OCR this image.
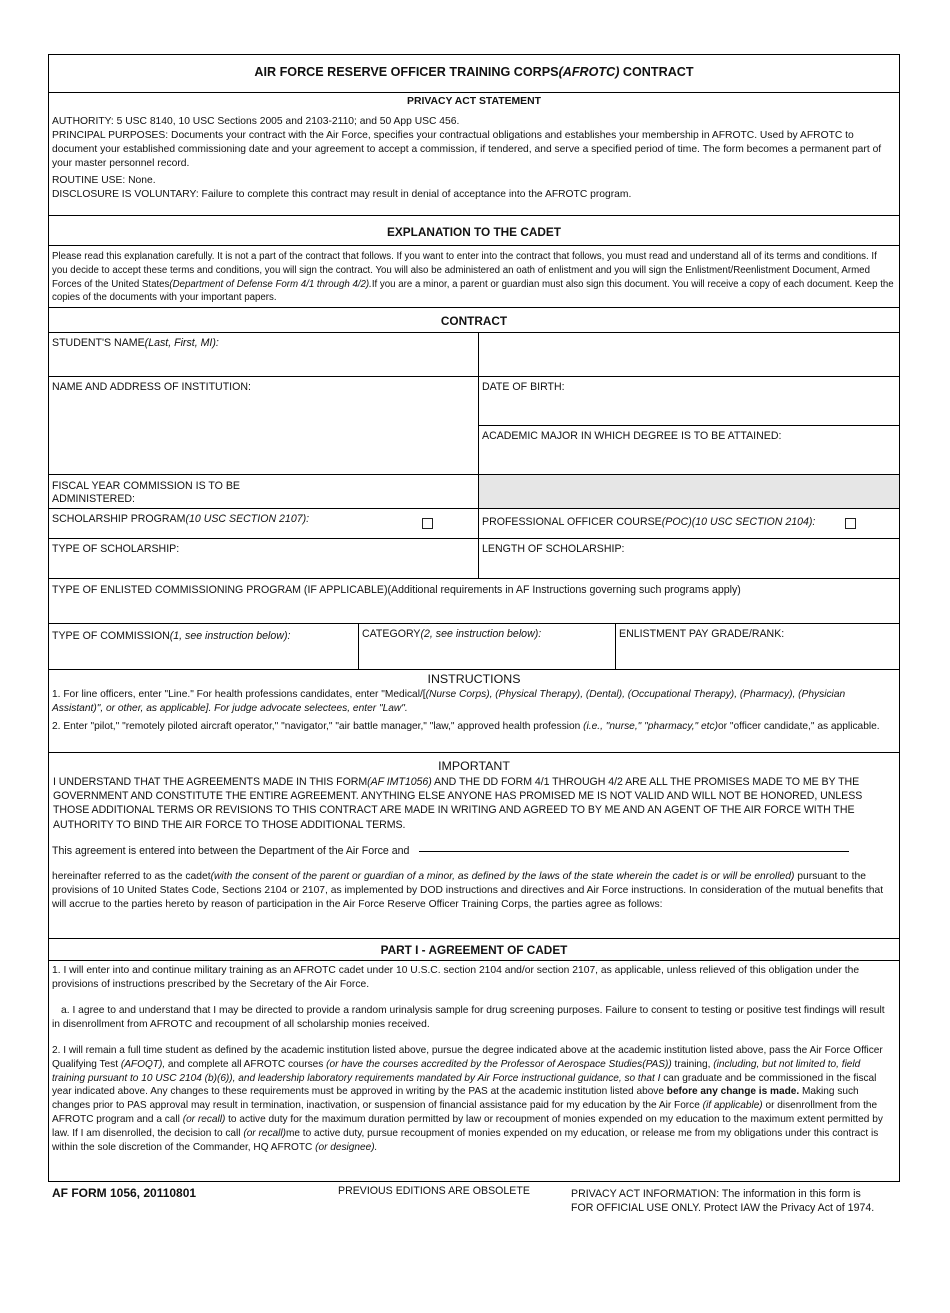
AIR FORCE RESERVE OFFICER TRAINING CORPS(AFROTC) CONTRACT
PRIVACY ACT STATEMENT

AUTHORITY: 5 USC 8140, 10 USC Sections 2005 and 2103-2110; and 50 App USC 456.

PRINCIPAL PURPOSES: Documents your contract with the Air Force, specifies your contractual obligations and establishes your membership in AFROTC. Used by AFROTC to document your established commissioning date and your agreement to accept a commission, if tendered, and serve a specified period of time. The form becomes a permanent part of your master personnel record.

ROUTINE USE: None.

DISCLOSURE IS VOLUNTARY: Failure to complete this contract may result in denial of acceptance into the AFROTC program.

EXPLANATION TO THE CADET

Please read this explanation carefully. It is not a part of the contract that follows. If you want to enter into the contract that follows, you must read and understand all of its terms and conditions. If you decide to accept these terms and conditions, you will sign the contract. You will also be administered an oath of enlistment and you will sign the Enlistment/Reenlistment Document, Armed Forces of the United States(Department of Defense Form 4/1 through 4/2).If you are a minor, a parent or guardian must also sign this document. You will receive a copy of each document. Keep the copies of the documents with your important papers.

CONTRACT
STUDENT'S NAME(Last, First, MI):
NAME AND ADDRESS OF INSTITUTION:	DATE OF BIRTH:
ACADEMIC MAJOR IN WHICH DEGREE IS TO BE ATTAINED:
FISCAL YEAR COMMISSION IS TO BE
ADMINISTERED:
SCHOLARSHIP PROGRAM(10 USC SECTION 2107):	PROFESSIONAL OFFICER COURSE(POC)(10 USC SECTION 2104):
TYPE OF SCHOLARSHIP:	LENGTH OF SCHOLARSHIP:
TYPE OF ENLISTED COMMISSIONING PROGRAM (IF APPLICABLE)(Additional requirements in AF Instructions governing such programs apply)
TYPE OF COMMISSION(1, see instruction below):	CATEGORY(2, see instruction below):	ENLISTMENT PAY GRADE/RANK:
INSTRUCTIONS

1. For line officers, enter "Line." For health professions candidates, enter "Medical/[(Nurse Corps), (Physical Therapy), (Dental), (Occupational Therapy), (Pharmacy), (Physician Assistant)", or other, as applicable]. For judge advocate selectees, enter "Law".

2. Enter "pilot," "remotely piloted aircraft operator," "navigator," "air battle manager," "law," approved health profession (i.e., "nurse," "pharmacy," etc)or "officer candidate," as applicable.

IMPORTANT

I UNDERSTAND THAT THE AGREEMENTS MADE IN THIS FORM(AF IMT1056) AND THE DD FORM 4/1 THROUGH 4/2 ARE ALL THE PROMISES MADE TO ME BY THE GOVERNMENT AND CONSTITUTE THE ENTIRE AGREEMENT. ANYTHING ELSE ANYONE HAS PROMISED ME IS NOT VALID AND WILL NOT BE HONORED, UNLESS THOSE ADDITIONAL TERMS OR REVISIONS TO THIS CONTRACT ARE MADE IN WRITING AND AGREED TO BY ME AND AN AGENT OF THE AIR FORCE WITH THE AUTHORITY TO BIND THE AIR FORCE TO THOSE ADDITIONAL TERMS.

This agreement is entered into between the Department of the Air Force and

hereinafter referred to as the cadet(with the consent of the parent or guardian of a minor, as defined by the laws of the state wherein the cadet is or will be enrolled) pursuant to the provisions of 10 United States Code, Sections 2104 or 2107, as implemented by DOD instructions and directives and Air Force instructions. In consideration of the mutual benefits that will accrue to the parties hereto by reason of participation in the Air Force Reserve Officer Training Corps, the parties agree as follows:

PART I - AGREEMENT OF CADET

1. I will enter into and continue military training as an AFROTC cadet under 10 U.S.C. section 2104 and/or section 2107, as applicable, unless relieved of this obligation under the provisions of instructions prescribed by the Secretary of the Air Force.

a. I agree to and understand that I may be directed to provide a random urinalysis sample for drug screening purposes. Failure to consent to testing or positive test findings will result in disenrollment from AFROTC and recoupment of all scholarship monies received.

2. I will remain a full time student as defined by the academic institution listed above, pursue the degree indicated above at the academic institution listed above, pass the Air Force Officer Qualifying Test (AFOQT), and complete all AFROTC courses (or have the courses accredited by the Professor of Aerospace Studies(PAS)) training, (including, but not limited to, field training pursuant to 10 USC 2104 (b)(6)), and leadership laboratory requirements mandated by Air Force instructional guidance, so that I can graduate and be commissioned in the fiscal year indicated above. Any changes to these requirements must be approved in writing by the PAS at the academic institution listed above before any change is made. Making such changes prior to PAS approval may result in termination, inactivation, or suspension of financial assistance paid for my education by the Air Force (if applicable) or disenrollment from the AFROTC program and a call (or recall) to active duty for the maximum duration permitted by law or recoupment of monies expended on my education to the maximum extent permitted by law. If I am disenrolled, the decision to call (or recall)me to active duty, pursue recoupment of monies expended on my education, or release me from my obligations under this contract is within the sole discretion of the Commander, HQ AFROTC (or designee).

AF FORM 1056, 20110801	PREVIOUS EDITIONS ARE OBSOLETE	PRIVACY ACT INFORMATION: The information in this form is
FOR OFFICIAL USE ONLY. Protect IAW the Privacy Act of 1974.
